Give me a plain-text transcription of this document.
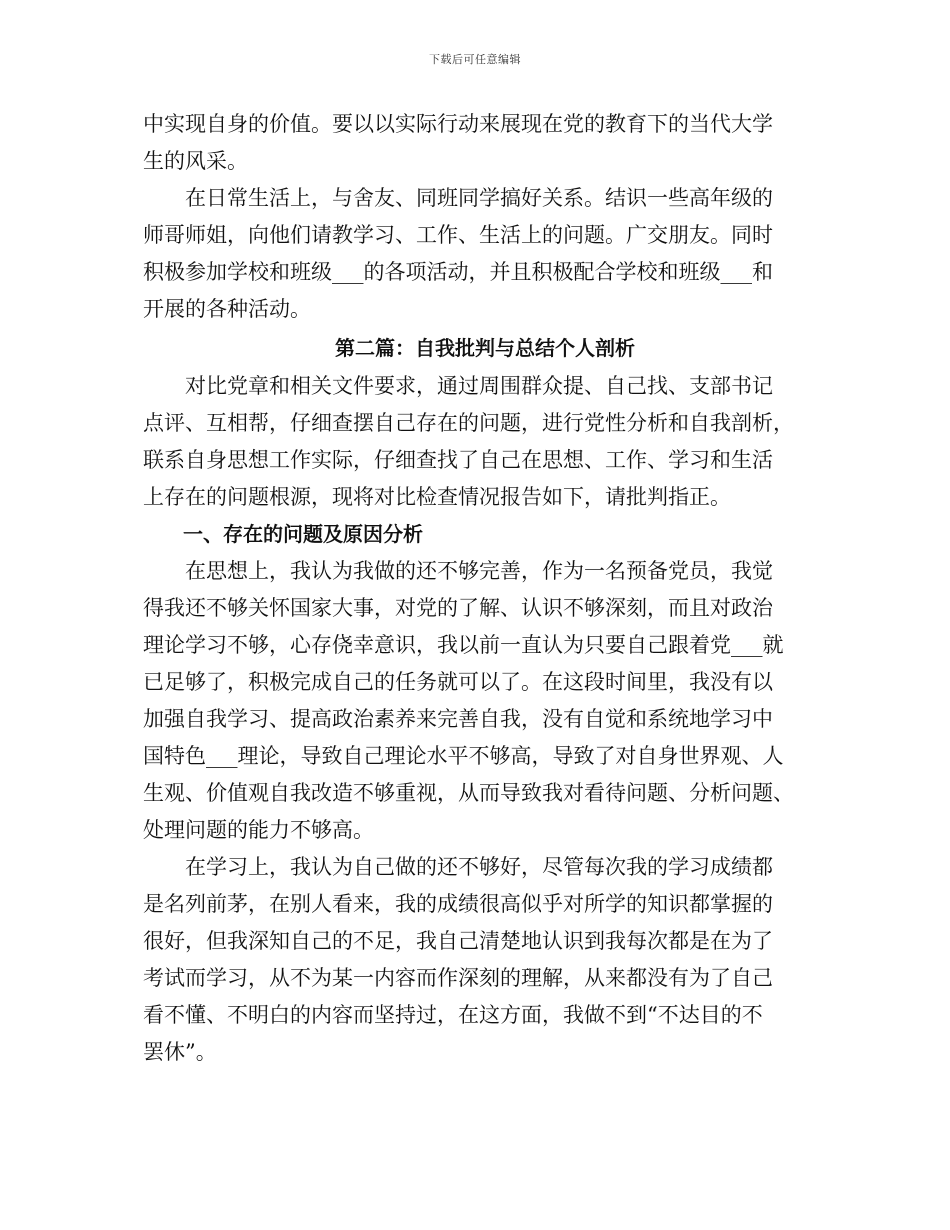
下载后可任意编辑
中实现自身的价值。要以以实际行动来展现在党的教育下的当代大学
生的风采。
　　在日常生活上，与舍友、同班同学搞好关系。结识一些高年级的
师哥师姐，向他们请教学习、工作、生活上的问题。广交朋友。同时
积极参加学校和班级___的各项活动，并且积极配合学校和班级___和
开展的各种活动。
第二篇：自我批判与总结个人剖析
　　对比党章和相关文件要求，通过周围群众提、自己找、支部书记
点评、互相帮，仔细查摆自己存在的问题，进行党性分析和自我剖析，
联系自身思想工作实际，仔细查找了自己在思想、工作、学习和生活
上存在的问题根源，现将对比检查情况报告如下，请批判指正。
　　一、存在的问题及原因分析
　　在思想上，我认为我做的还不够完善，作为一名预备党员，我觉
得我还不够关怀国家大事，对党的了解、认识不够深刻，而且对政治
理论学习不够，心存侥幸意识，我以前一直认为只要自己跟着党___就
已足够了，积极完成自己的任务就可以了。在这段时间里，我没有以
加强自我学习、提高政治素养来完善自我，没有自觉和系统地学习中
国特色___理论，导致自己理论水平不够高，导致了对自身世界观、人
生观、价值观自我改造不够重视，从而导致我对看待问题、分析问题、
处理问题的能力不够高。
　　在学习上，我认为自己做的还不够好，尽管每次我的学习成绩都
是名列前茅，在别人看来，我的成绩很高似乎对所学的知识都掌握的
很好，但我深知自己的不足，我自己清楚地认识到我每次都是在为了
考试而学习，从不为某一内容而作深刻的理解，从来都没有为了自己
看不懂、不明白的内容而坚持过，在这方面，我做不到“不达目的不
罢休”。
